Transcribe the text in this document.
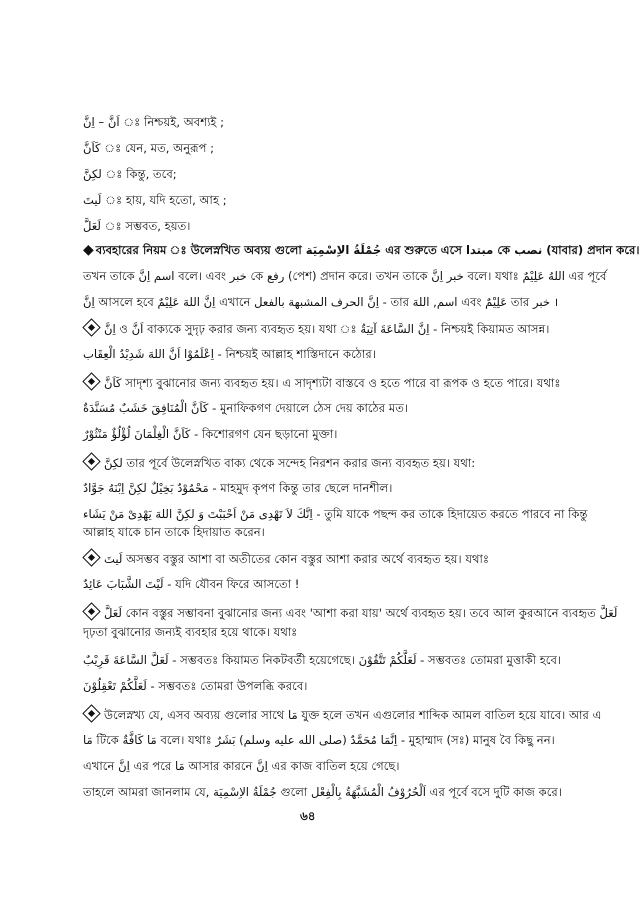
اَنَّ – اِنَّ ঃ নিশ্চয়ই, অবশ্যই ;
كَاَنَّ ঃ যেন, মত, অনুরূপ ;
لكِنَّ ঃ কিন্তু, তবে;
لَيتَ ঃ হায়, যদি হতো, আহ ;
لَعَلَّ ঃ সম্ভবত, হয়ত।
◆ ব্যবহারের নিয়ম ঃ উলেস্নখিত অব্যয় গুলো جُمْلَةُ الاِسْمِيَة এর শুরুতে এসে مبتدا কে نصب (যাবার) প্রদান করে।
তখন তাকে اسم اِنَّ বলে। এবং خبر কে رفع (পেশ) প্রদান করে। তখন তাকে خبر اِنَّ বলে। যথাঃ اللهُ عَلِيْمٌ এর পূর্বে
اِنَّ আসলে হবে اِنَّ اللهَ عَلِيْمٌ এখানে اِنَّ الحرف المشبهة بالفعل - তার اسم, اللهَ এবং عَلِيْمٌ তার خبر ।
اِنَّ ও اَنَّ বাক্যকে সুদৃঢ় করার জন্য ব্যবহৃত হয়। যথা ঃ اِنَّ السَّاعَةَ آتِيَةٌ - নিশ্চয়ই কিয়ামত আসন্ন।
اِعْلَمُوْا اَنَّ اللهَ شَدِيْدُ الْعِقَاب - নিশ্চয়ই আল্লাহ শাস্তিদানে কঠোর।
كَاَنَّ সাদৃশ্য বুঝানোর জন্য ব্যবহৃত হয়। এ সাদৃশ্যটা বাস্তবে ও হতে পারে বা রূপক ও হতে পারে। যথাঃ
كَاَنَّ الْمُنَافِقَ خَشَبٌ مُسَنَّدَةٌ - মুনাফিকগণ দেয়ালে ঠেস দেয় কাঠের মত।
كَاَنَّ الْغِلْمَانَ لُؤْلُؤٌ مَنْثُوْرٌ - কিশোরগণ যেন ছড়ানো মুক্তা।
لكِنَّ তার পূর্বে উলেস্নখিত বাক্য থেকে সন্দেহ নিরশন করার জন্য ব্যবহৃত হয়। যথা:
مَحْمُوْدٌ بَخِيْلٌ لكِنَّ اِبْنَهُ جَوَّادٌ - মাহমুদ কৃপণ কিন্তু তার ছেলে দানশীল।
اِنَّكَ لاَ تَهْدِى مَنْ اَحْبَبْتَ وَ لكِنَّ اللهَ يَهْدِىْ مَنْ يَشَاء - তুমি যাকে পছন্দ কর তাকে হিদায়েত করতে পারবে না কিন্তু
আল্লাহ যাকে চান তাকে হিদায়াত করেন।
لَيتَ অসম্ভব বস্তুর আশা বা অতীতের কোন বস্তুর আশা করার অর্থে ব্যবহৃত হয়। যথাঃ
لَيْتَ الشَّبَابَ عَائِدٌ - যদি যৌবন ফিরে আসতো !
لَعَلَّ কোন বস্তুর সম্ভাবনা বুঝানোর জন্য এবং 'আশা করা যায়' অর্থে ব্যবহৃত হয়। তবে আল কুরআনে ব্যবহৃত لَعَلَّ
দৃঢ়তা বুঝানোর জন্যই ব্যবহার হয়ে থাকে। যথাঃ
لَعَلَّ السَّاعَةَ قَرِيْبٌ - সম্ভবতঃ কিয়ামত নিকটবর্তী হয়েগেছে। لَعَلَّكُمْ تَتَّقُوْنَ - সম্ভবতঃ তোমরা মুত্তাকী হবে।
لَعَلَّكُمْ تَعْقِلُوْنَ - সম্ভবতঃ তোমরা উপলব্ধি করবে।
উলেস্নখ্য যে, এসব অব্যয় গুলোর সাথে مَا যুক্ত হলে তখন এগুলোর শাব্দিক আমল বাতিল হয়ে যাবে। আর এ
مَا টিকে مَا كَافَّةٌ বলে। যথাঃ اِنَّمَا مُحَمَّدٌ (صلى الله عليه وسلم) بَشَرٌ - মুহাম্মাদ (সঃ) মানুষ বৈ কিছু নন।
এখানে اِنَّ এর পরে مَا আসার কারনে اِنَّ এর কাজ বাতিল হয়ে গেছে।
তাহলে আমরা জানলাম যে, جُمْلَةُ الاِسْمِيَة গুলো اَلْحُرُوْفُ الْمُشَبَّهَةُ بِالْفِعْل এর পূর্বে বসে দুটি কাজ করে।
৬৪
